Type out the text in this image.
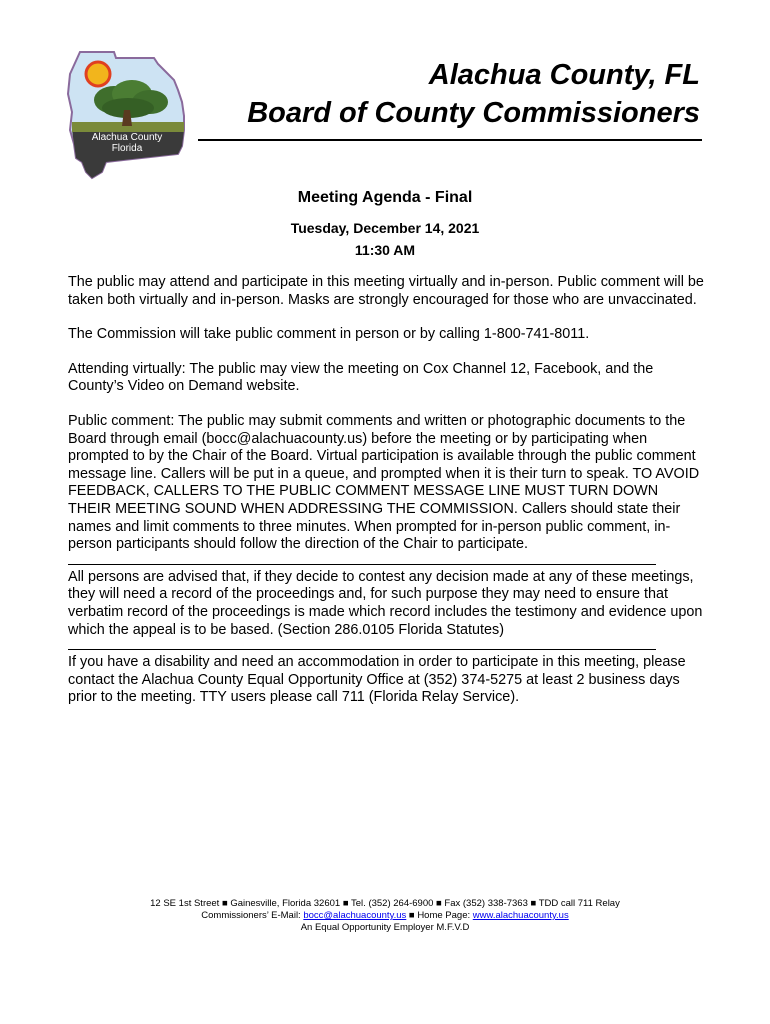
Alachua County
Florida
Alachua County, FL
Board of County Commissioners
Meeting Agenda - Final
Tuesday, December 14, 2021
11:30 AM

The public may attend and participate in this meeting virtually and in-person. Public comment will be taken both virtually and in-person. Masks are strongly encouraged for those who are unvaccinated.

The Commission will take public comment in person or by calling 1-800-741-8011.

Attending virtually: The public may view the meeting on Cox Channel 12, Facebook, and the County’s Video on Demand website.

Public comment: The public may submit comments and written or photographic documents to the Board through email (bocc@alachuacounty.us) before the meeting or by participating when prompted to by the Chair of the Board. Virtual participation is available through the public comment message line. Callers will be put in a queue, and prompted when it is their turn to speak. TO AVOID FEEDBACK, CALLERS TO THE PUBLIC COMMENT MESSAGE LINE MUST TURN DOWN THEIR MEETING SOUND WHEN ADDRESSING THE COMMISSION. Callers should state their names and limit comments to three minutes. When prompted for in-person public comment, in-person participants should follow the direction of the Chair to participate.

All persons are advised that, if they decide to contest any decision made at any of these meetings, they will need a record of the proceedings and, for such purpose they may need to ensure that verbatim record of the proceedings is made which record includes the testimony and evidence upon which the appeal is to be based. (Section 286.0105 Florida Statutes)

If you have a disability and need an accommodation in order to participate in this meeting, please contact the Alachua County Equal Opportunity Office at (352) 374-5275 at least 2 business days prior to the meeting. TTY users please call 711 (Florida Relay Service).

12 SE 1st Street ■ Gainesville, Florida 32601 ■ Tel. (352) 264-6900 ■ Fax (352) 338-7363 ■ TDD call 711 Relay
Commissioners’ E-Mail: bocc@alachuacounty.us ■ Home Page: www.alachuacounty.us
An Equal Opportunity Employer M.F.V.D
